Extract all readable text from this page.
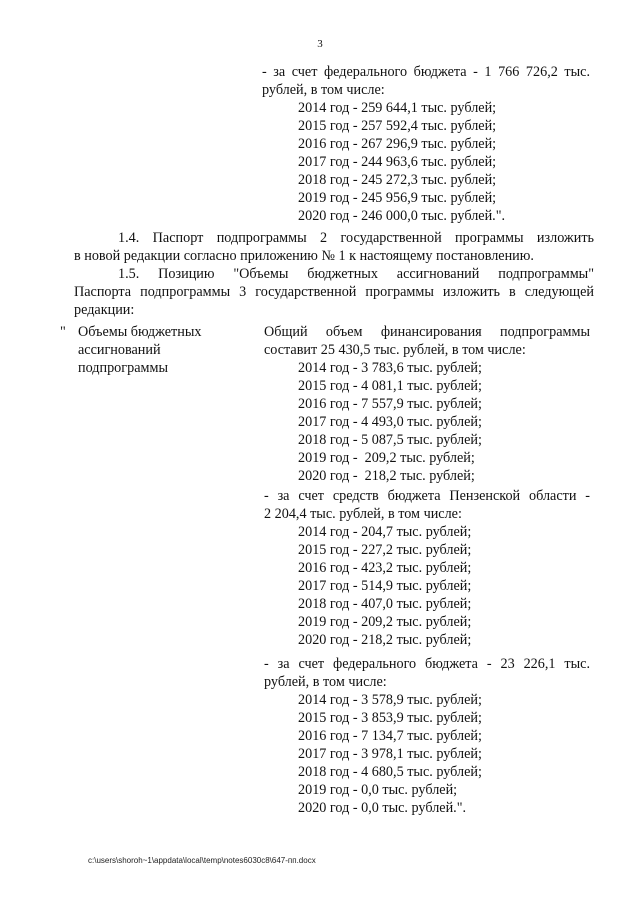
3
- за счет федерального бюджета - 1 766 726,2 тыс.
рублей, в том числе:
2014 год - 259 644,1 тыс. рублей;
2015 год - 257 592,4 тыс. рублей;
2016 год - 267 296,9 тыс. рублей;
2017 год - 244 963,6 тыс. рублей;
2018 год - 245 272,3 тыс. рублей;
2019 год - 245 956,9 тыс. рублей;
2020 год - 246 000,0 тыс. рублей.".
1.4. Паспорт подпрограммы 2 государственной программы изложить
в новой редакции согласно приложению № 1 к настоящему постановлению.
1.5. Позицию "Объемы бюджетных ассигнований подпрограммы"
Паспорта подпрограммы 3 государственной программы изложить в следующей
редакции:
" Объемы бюджетных
ассигнований
подпрограммы
Общий объем финансирования подпрограммы
составит 25 430,5 тыс. рублей, в том числе:
2014 год - 3 783,6 тыс. рублей;
2015 год - 4 081,1 тыс. рублей;
2016 год - 7 557,9 тыс. рублей;
2017 год - 4 493,0 тыс. рублей;
2018 год - 5 087,5 тыс. рублей;
2019 год -  209,2 тыс. рублей;
2020 год -  218,2 тыс. рублей;
- за счет средств бюджета Пензенской области -
2 204,4 тыс. рублей, в том числе:
2014 год - 204,7 тыс. рублей;
2015 год - 227,2 тыс. рублей;
2016 год - 423,2 тыс. рублей;
2017 год - 514,9 тыс. рублей;
2018 год - 407,0 тыс. рублей;
2019 год - 209,2 тыс. рублей;
2020 год - 218,2 тыс. рублей;
- за счет федерального бюджета - 23 226,1 тыс.
рублей, в том числе:
2014 год - 3 578,9 тыс. рублей;
2015 год - 3 853,9 тыс. рублей;
2016 год - 7 134,7 тыс. рублей;
2017 год - 3 978,1 тыс. рублей;
2018 год - 4 680,5 тыс. рублей;
2019 год - 0,0 тыс. рублей;
2020 год - 0,0 тыс. рублей.".
c:\users\shoroh~1\appdata\local\temp\notes6030c8\647-пп.docx
